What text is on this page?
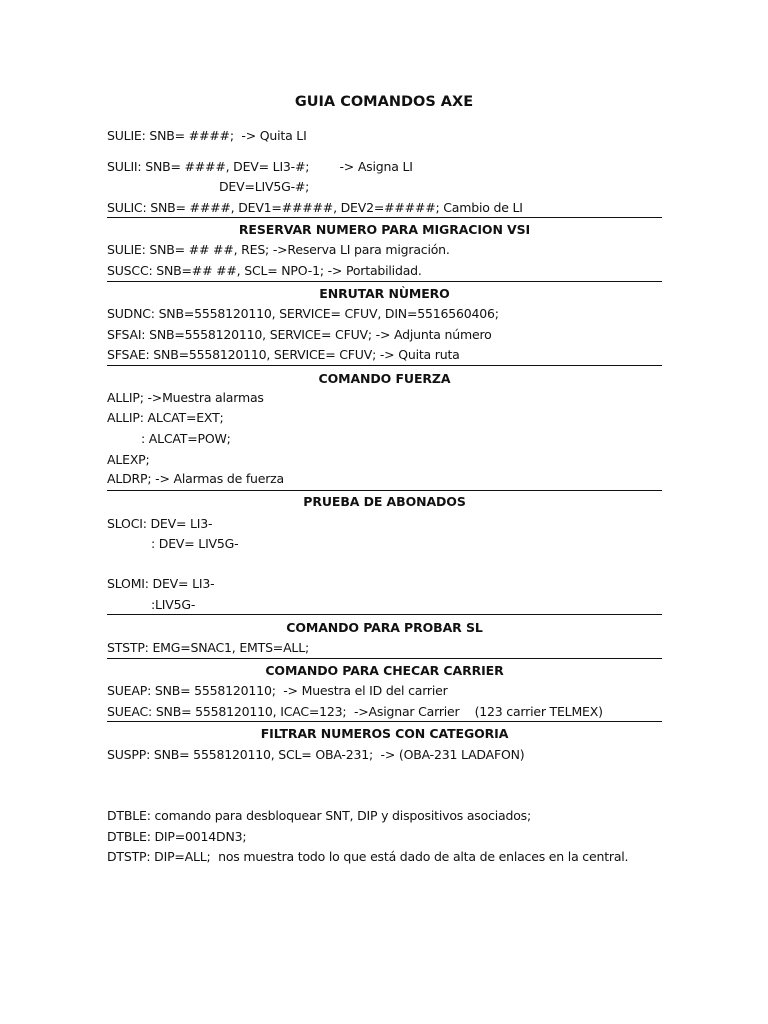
GUIA COMANDOS AXE
SULIE: SNB= ####;  -> Quita LI
SULII: SNB= ####, DEV= LI3-#;        -> Asigna LI
DEV=LIV5G-#;
SULIC: SNB= ####, DEV1=#####, DEV2=#####; Cambio de LI
RESERVAR NUMERO PARA MIGRACION VSI
SULIE: SNB= ## ##, RES; ->Reserva LI para migración.
SUSCC: SNB=## ##, SCL= NPO-1; -> Portabilidad.
ENRUTAR NÙMERO
SUDNC: SNB=5558120110, SERVICE= CFUV, DIN=5516560406;
SFSAI: SNB=5558120110, SERVICE= CFUV; -> Adjunta número
SFSAE: SNB=5558120110, SERVICE= CFUV; -> Quita ruta
COMANDO FUERZA
ALLIP; ->Muestra alarmas
ALLIP: ALCAT=EXT;
: ALCAT=POW;
ALEXP;
ALDRP; -> Alarmas de fuerza
PRUEBA DE ABONADOS
SLOCI: DEV= LI3-
: DEV= LIV5G-
SLOMI: DEV= LI3-
:LIV5G-
COMANDO PARA PROBAR SL
STSTP: EMG=SNAC1, EMTS=ALL;
COMANDO PARA CHECAR CARRIER
SUEAP: SNB= 5558120110;  -> Muestra el ID del carrier
SUEAC: SNB= 5558120110, ICAC=123;  ->Asignar Carrier    (123 carrier TELMEX)
FILTRAR NUMEROS CON CATEGORIA
SUSPP: SNB= 5558120110, SCL= OBA-231;  -> (OBA-231 LADAFON)
DTBLE: comando para desbloquear SNT, DIP y dispositivos asociados;
DTBLE: DIP=0014DN3;
DTSTP: DIP=ALL;  nos muestra todo lo que está dado de alta de enlaces en la central.
